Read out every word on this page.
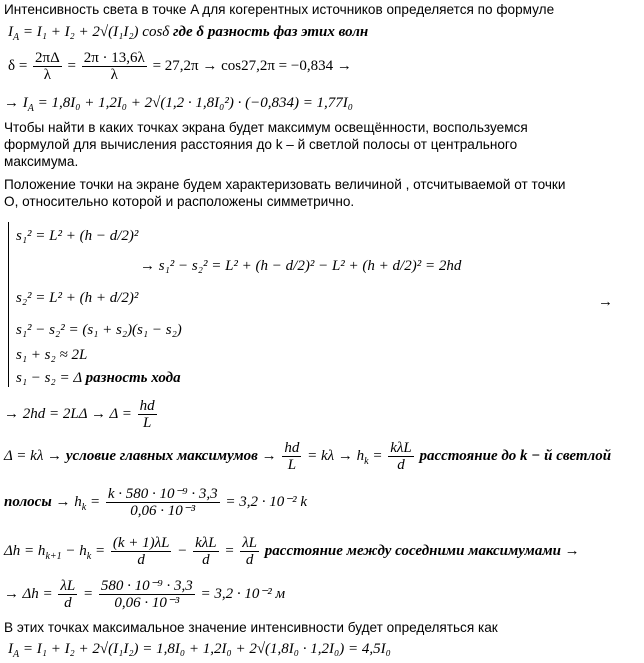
Интенсивность света в точке A для когерентных источников определяется по формуле
$I_A = I_1 + I_2 + 2√(I_1I_2)$ cosδ где δ разность фаз этих волн
$\delta = \frac{2\pi\Delta}{\lambda} = \frac{2\pi \cdot 13,6\lambda}{\lambda} = 27,2\pi \to \cos 27,2\pi = -0,834$ →
→ $I_A = 1,8I_0 + 1,2I_0 + 2√(1,2 \cdot 1,8I_0^2) \cdot (-0,834) = 1,77I_0$
Чтобы найти в каких точках экрана будет максимум освещённости, воспользуемся
формулой для вычисления расстояния до k – й светлой полосы от центрального
максимума.
Положение точки на экране будем характеризовать величиной , отсчитываемой от точки
О, относительно которой и расположены симметрично.
s₁² = L² + (h − d/2)²
s₂² = L² + (h + d/2)²
→ s₁² − s₂² = L² + (h − d/2)² − L² + (h + d/2)² = 2hd
→
s₁² − s₂² = (s₁ + s₂)(s₁ − s₂)
s₁ + s₂ ≈ 2L
s₁ − s₂ = Δ разность хода
→ $2hd = 2L\Delta \to \Delta = \frac{hd}{L}$
Δ = kλ → условие главных максимумов → $\frac{hd}{L} = k\lambda \to h_k = \frac{\text{kλL}}{d}$ расстояние до k − й светлой
полосы → $h_k = \frac{\text{k · 580 · 10⁻⁹ · 3,3}}{\text{0,06 · 10⁻³}} = 3,2 \cdot 10^{-2}$ k
$\Delta h = h_{k+1} - h_k = \frac{(k + 1)\lambda L}{d} - \frac{\text{kλL}}{d} = \frac{\lambda L}{d}$ расстояние между соседними максимумами →
→ $\Delta h = \frac{\lambda L}{d} = \frac{\text{580 · 10⁻⁹ · 3,3}}{\text{0,06 · 10⁻³}} = 3,2 \cdot 10^{-2}$ м
В этих точках максимальное значение интенсивности будет определяться как
$I_A = I_1 + I_2 + 2√(I_1I_2) = 1,8I_0 + 1,2I_0 + 2√(1,8I_0 \cdot 1,2I_0) = 4,5I_0$
